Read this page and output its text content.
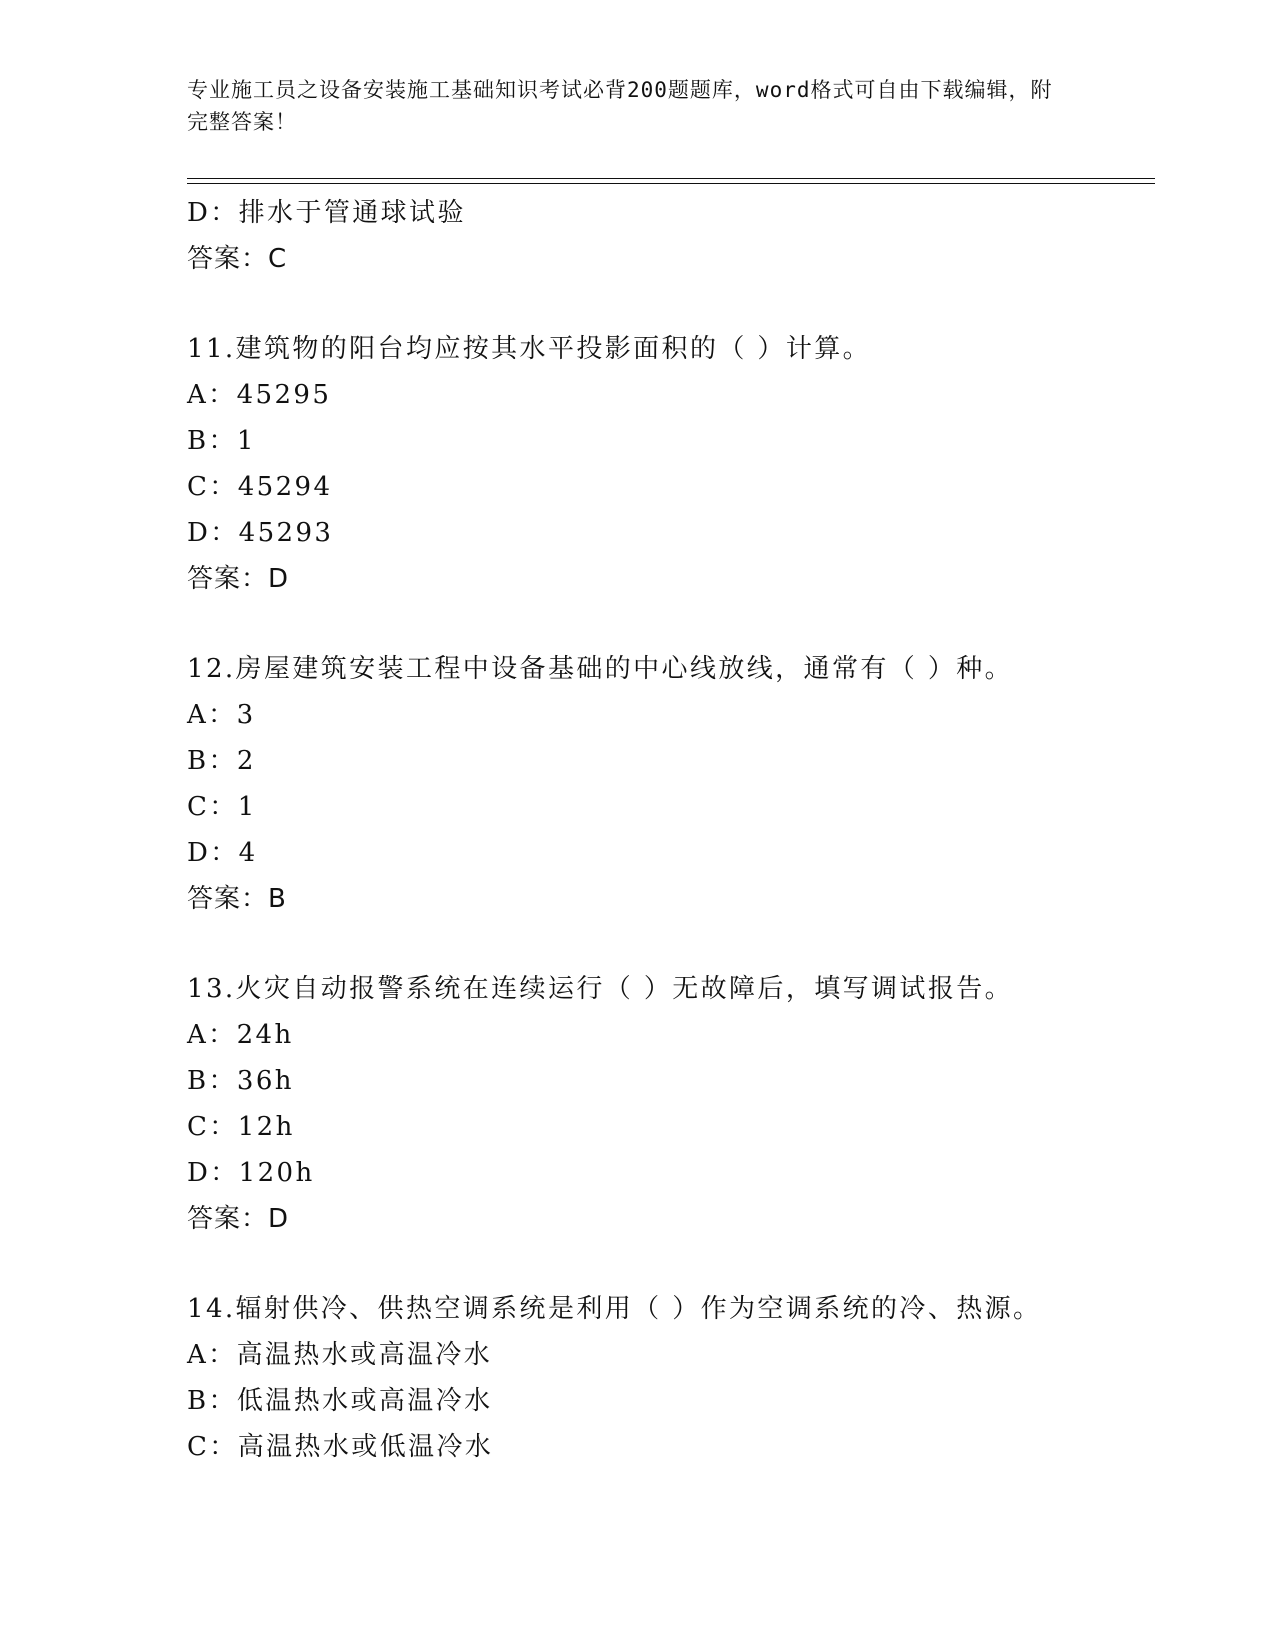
专业施工员之设备安装施工基础知识考试必背200题题库，word格式可自由下载编辑，附完整答案！
D：排水于管通球试验
答案：C
11.建筑物的阳台均应按其水平投影面积的（ ）计算。
A：45295
B：1
C：45294
D：45293
答案：D
12.房屋建筑安装工程中设备基础的中心线放线，通常有（ ）种。
A：3
B：2
C：1
D：4
答案：B
13.火灾自动报警系统在连续运行（ ）无故障后，填写调试报告。
A：24h
B：36h
C：12h
D：120h
答案：D
14.辐射供冷、供热空调系统是利用（ ）作为空调系统的冷、热源。
A：高温热水或高温冷水
B：低温热水或高温冷水
C：高温热水或低温冷水
